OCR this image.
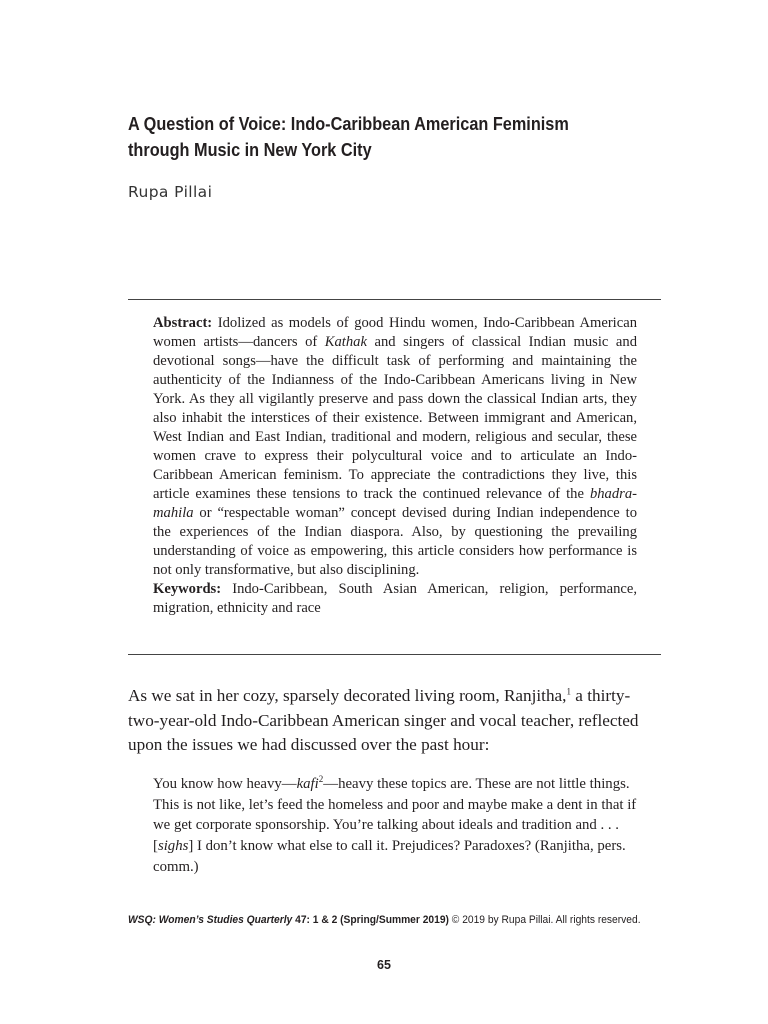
A Question of Voice: Indo-Caribbean American Feminism
through Music in New York City
Rupa Pillai

Abstract: Idolized as models of good Hindu women, Indo-Caribbean American women artists—dancers of Kathak and singers of classical Indian music and devotional songs—have the difficult task of performing and maintaining the authenticity of the Indianness of the Indo-Caribbean Americans living in New York. As they all vigilantly preserve and pass down the classical Indian arts, they also inhabit the interstices of their existence. Between immigrant and American, West Indian and East Indian, traditional and modern, religious and secular, these women crave to express their polycultural voice and to articulate an Indo-Caribbean American feminism. To appreciate the contradictions they live, this article examines these tensions to track the continued relevance of the bhadramahila or “respectable woman” concept devised during Indian independence to the experiences of the Indian diaspora. Also, by questioning the prevailing understanding of voice as empowering, this article considers how performance is not only transformative, but also disciplining.

Keywords: Indo-Caribbean, South Asian American, religion, performance, migration, ethnicity and race

As we sat in her cozy, sparsely decorated living room, Ranjitha,$^1$ a thirty-two-year-old Indo-Caribbean American singer and vocal teacher, reflected upon the issues we had discussed over the past hour:

You know how heavy—kafi$^2$—heavy these topics are. These are not little things. This is not like, let’s feed the homeless and poor and maybe make a dent in that if we get corporate sponsorship. You’re talking about ideals and tradition and . . . [sighs] I don’t know what else to call it. Prejudices? Paradoxes? (Ranjitha, pers. comm.)

WSQ: Women’s Studies Quarterly 47: 1 & 2 (Spring/Summer 2019) © 2019 by Rupa Pillai. All rights reserved.
65
